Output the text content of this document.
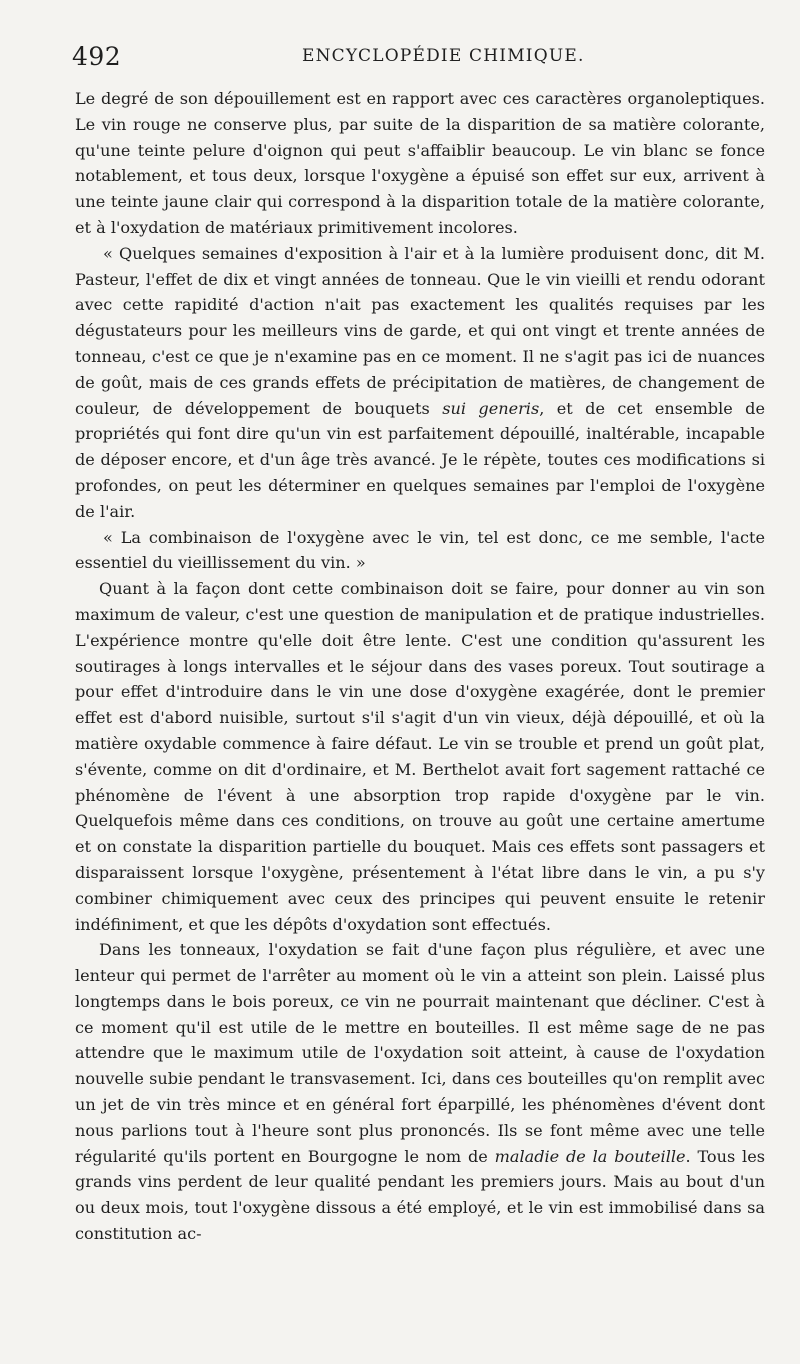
492	ENCYCLOPÉDIE CHIMIQUE.

Le degré de son dépouillement est en rapport avec ces caractères organoleptiques. Le vin rouge ne conserve plus, par suite de la disparition de sa matière colorante, qu'une teinte pelure d'oignon qui peut s'affaiblir beaucoup. Le vin blanc se fonce notablement, et tous deux, lorsque l'oxygène a épuisé son effet sur eux, arrivent à une teinte jaune clair qui correspond à la disparition totale de la matière colorante, et à l'oxydation de matériaux primitivement incolores.

« Quelques semaines d'exposition à l'air et à la lumière produisent donc, dit M. Pasteur, l'effet de dix et vingt années de tonneau. Que le vin vieilli et rendu odorant avec cette rapidité d'action n'ait pas exactement les qualités requises par les dégustateurs pour les meilleurs vins de garde, et qui ont vingt et trente années de tonneau, c'est ce que je n'examine pas en ce moment. Il ne s'agit pas ici de nuances de goût, mais de ces grands effets de précipitation de matières, de changement de couleur, de développement de bouquets sui generis, et de cet ensemble de propriétés qui font dire qu'un vin est parfaitement dépouillé, inaltérable, incapable de déposer encore, et d'un âge très avancé. Je le répète, toutes ces modifications si profondes, on peut les déterminer en quelques semaines par l'emploi de l'oxygène de l'air.

« La combinaison de l'oxygène avec le vin, tel est donc, ce me semble, l'acte essentiel du vieillissement du vin. »

Quant à la façon dont cette combinaison doit se faire, pour donner au vin son maximum de valeur, c'est une question de manipulation et de pratique industrielles. L'expérience montre qu'elle doit être lente. C'est une condition qu'assurent les soutirages à longs intervalles et le séjour dans des vases poreux. Tout soutirage a pour effet d'introduire dans le vin une dose d'oxygène exagérée, dont le premier effet est d'abord nuisible, surtout s'il s'agit d'un vin vieux, déjà dépouillé, et où la matière oxydable commence à faire défaut. Le vin se trouble et prend un goût plat, s'évente, comme on dit d'ordinaire, et M. Berthelot avait fort sagement rattaché ce phénomène de l'évent à une absorption trop rapide d'oxygène par le vin. Quelquefois même dans ces conditions, on trouve au goût une certaine amertume et on constate la disparition partielle du bouquet. Mais ces effets sont passagers et disparaissent lorsque l'oxygène, présentement à l'état libre dans le vin, a pu s'y combiner chimiquement avec ceux des principes qui peuvent ensuite le retenir indéfiniment, et que les dépôts d'oxydation sont effectués.

Dans les tonneaux, l'oxydation se fait d'une façon plus régulière, et avec une lenteur qui permet de l'arrêter au moment où le vin a atteint son plein. Laissé plus longtemps dans le bois poreux, ce vin ne pourrait maintenant que décliner. C'est à ce moment qu'il est utile de le mettre en bouteilles. Il est même sage de ne pas attendre que le maximum utile de l'oxydation soit atteint, à cause de l'oxydation nouvelle subie pendant le transvasement. Ici, dans ces bouteilles qu'on remplit avec un jet de vin très mince et en général fort éparpillé, les phénomènes d'évent dont nous parlions tout à l'heure sont plus prononcés. Ils se font même avec une telle régularité qu'ils portent en Bourgogne le nom de maladie de la bouteille. Tous les grands vins perdent de leur qualité pendant les premiers jours. Mais au bout d'un ou deux mois, tout l'oxygène dissous a été employé, et le vin est immobilisé dans sa constitution ac-
